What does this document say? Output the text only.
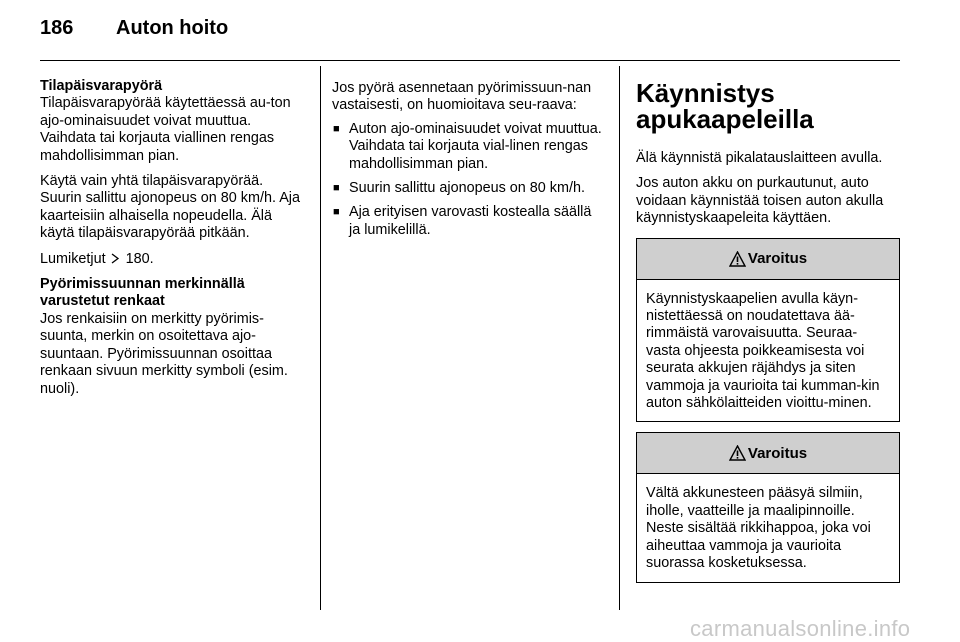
186 Auton hoito
Tilapäisvarapyörä

Tilapäisvarapyörää käytettäessä au-ton ajo-ominaisuudet voivat muuttua. Vaihdata tai korjauta viallinen rengas mahdollisimman pian.

Käytä vain yhtä tilapäisvarapyörää. Suurin sallittu ajonopeus on 80 km/h. Aja kaarteisiin alhaisella nopeudella. Älä käytä tilapäisvarapyörää pitkään.

Lumiketjut 180.

Pyörimissuunnan merkinnällä varustetut renkaat

Jos renkaisiin on merkitty pyörimis-suunta, merkin on osoitettava ajo-suuntaan. Pyörimissuunnan osoittaa renkaan sivuun merkitty symboli (esim. nuoli).

Jos pyörä asennetaan pyörimissuun-nan vastaisesti, on huomioitava seu-raava:

■ Auton ajo-ominaisuudet voivat muuttua. Vaihdata tai korjauta vial-linen rengas mahdollisimman pian.
■ Suurin sallittu ajonopeus on 80 km/h.
■ Aja erityisen varovasti kostealla säällä ja lumikelillä.
Käynnistys
apukaapeleilla

Älä käynnistä pikalatauslaitteen avulla.

Jos auton akku on purkautunut, auto voidaan käynnistää toisen auton akulla käynnistyskaapeleita käyttäen.

Varoitus
Käynnistyskaapelien avulla käyn-nistettäessä on noudatettava ää-rimmäistä varovaisuutta. Seuraa-vasta ohjeesta poikkeamisesta voi seurata akkujen räjähdys ja siten vammoja ja vaurioita tai kumman-kin auton sähkölaitteiden vioittu-minen.
Varoitus
Vältä akkunesteen pääsyä silmiin, iholle, vaatteille ja maalipinnoille. Neste sisältää rikkihappoa, joka voi aiheuttaa vammoja ja vaurioita suorassa kosketuksessa.
carmanualsonline.info
